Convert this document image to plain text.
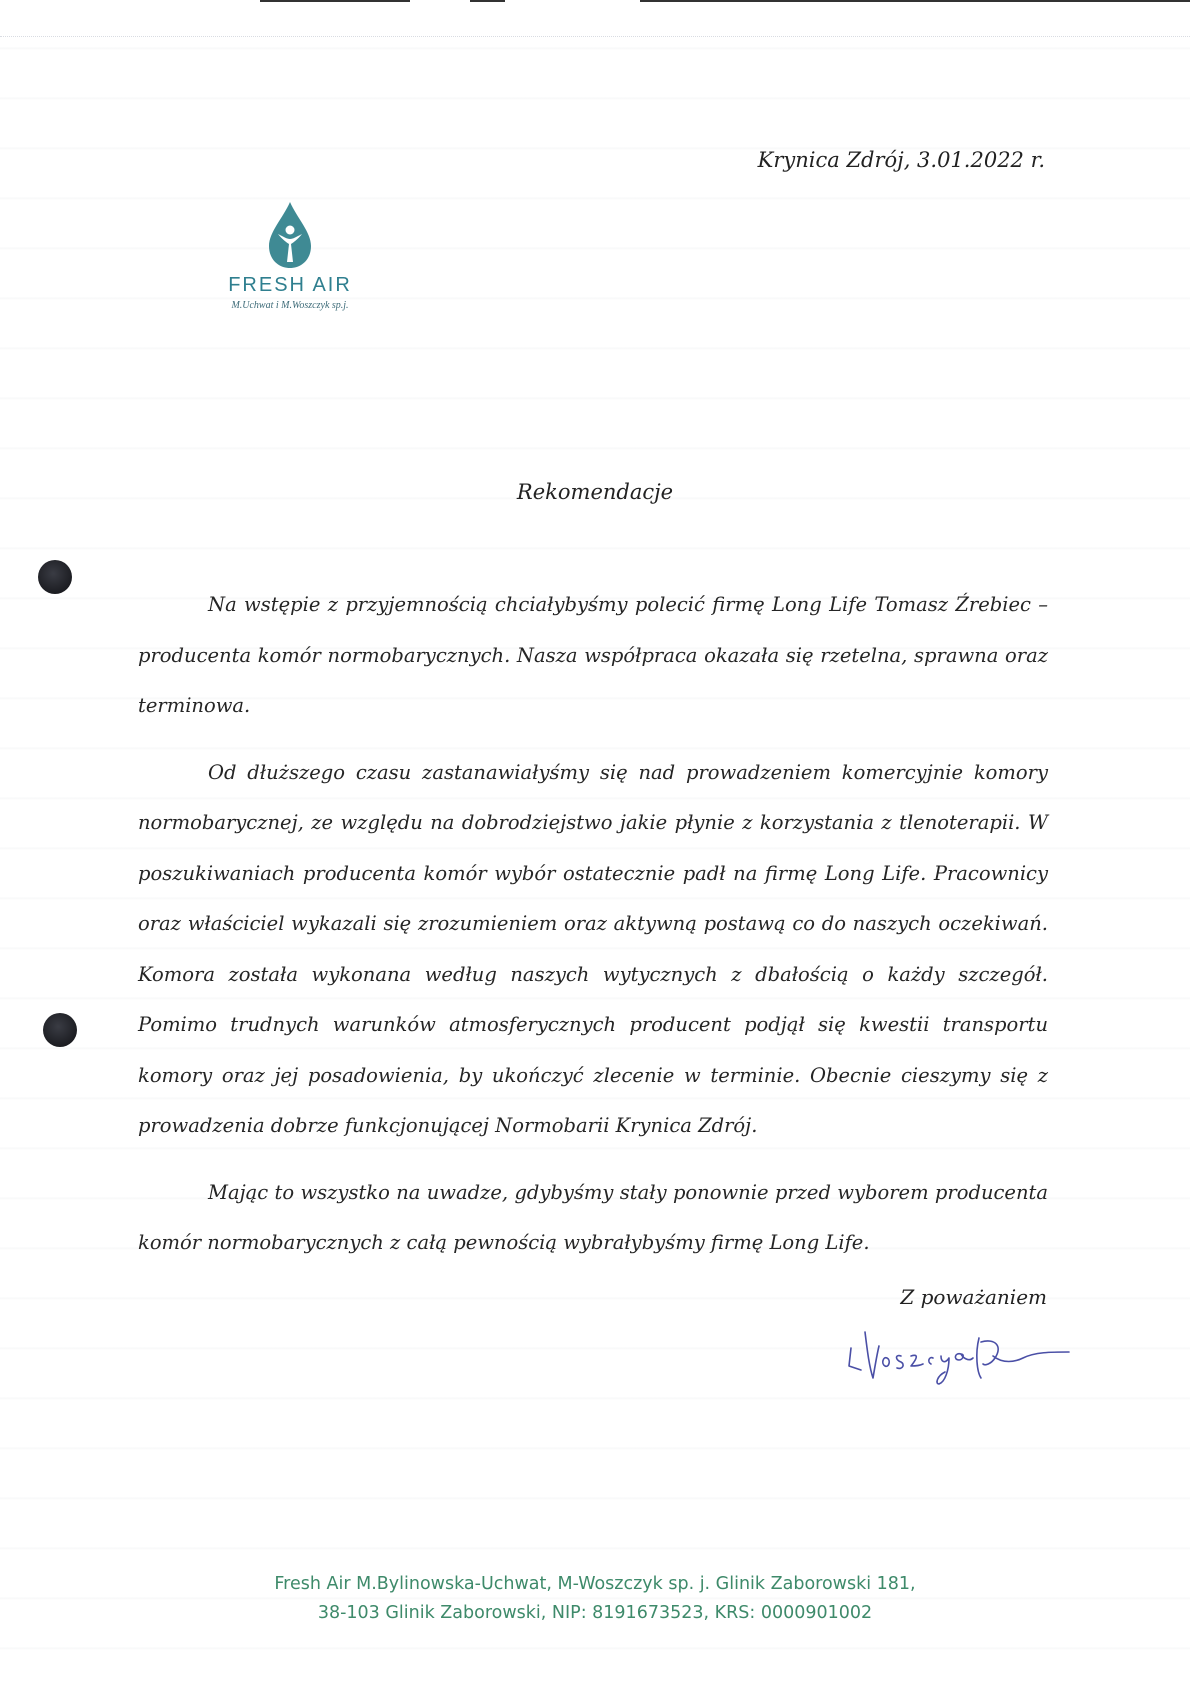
Krynica Zdrój, 3.01.2022 r.
FRESH AIR
M.Uchwat i M.Woszczyk sp.j.
Rekomendacje

Na wstępie z przyjemnością chciałybyśmy polecić firmę Long Life Tomasz Źrebiec – producenta komór normobarycznych. Nasza współpraca okazała się rzetelna, sprawna oraz terminowa.

Od dłuższego czasu zastanawiałyśmy się nad prowadzeniem komercyjnie komory normobarycznej, ze względu na dobrodziejstwo jakie płynie z korzystania z tlenoterapii. W poszukiwaniach producenta komór wybór ostatecznie padł na firmę Long Life. Pracownicy oraz właściciel wykazali się zrozumieniem oraz aktywną postawą co do naszych oczekiwań. Komora została wykonana według naszych wytycznych z dbałością o każdy szczegół. Pomimo trudnych warunków atmosferycznych producent podjął się kwestii transportu komory oraz jej posadowienia, by ukończyć zlecenie w terminie. Obecnie cieszymy się z prowadzenia dobrze funkcjonującej Normobarii Krynica Zdrój.

Mając to wszystko na uwadze, gdybyśmy stały ponownie przed wyborem producenta komór normobarycznych z całą pewnością wybrałybyśmy firmę Long Life.

Z poważaniem
Fresh Air M.Bylinowska-Uchwat, M-Woszczyk sp. j. Glinik Zaborowski 181,
38-103 Glinik Zaborowski, NIP: 8191673523, KRS: 0000901002
